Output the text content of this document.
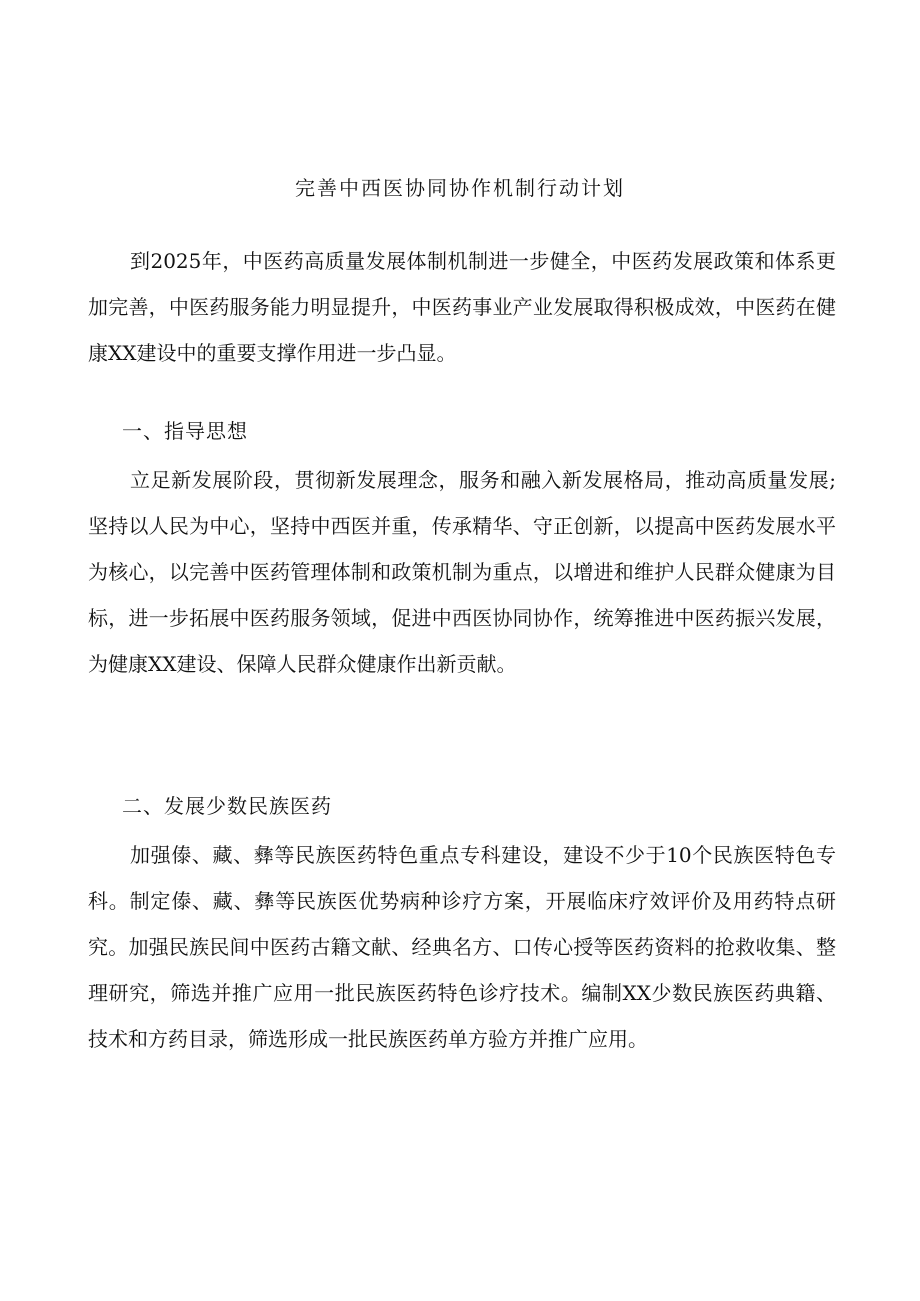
完善中西医协同协作机制行动计划

到2025年，中医药高质量发展体制机制进一步健全，中医药发展政策和体系更加完善，中医药服务能力明显提升，中医药事业产业发展取得积极成效，中医药在健康XX建设中的重要支撑作用进一步凸显。

一、指导思想

立足新发展阶段，贯彻新发展理念，服务和融入新发展格局，推动高质量发展;坚持以人民为中心，坚持中西医并重，传承精华、守正创新，以提高中医药发展水平为核心，以完善中医药管理体制和政策机制为重点，以增进和维护人民群众健康为目标，进一步拓展中医药服务领域，促进中西医协同协作，统筹推进中医药振兴发展，为健康XX建设、保障人民群众健康作出新贡献。

二、发展少数民族医药

加强傣、藏、彝等民族医药特色重点专科建设，建设不少于10个民族医特色专科。制定傣、藏、彝等民族医优势病种诊疗方案，开展临床疗效评价及用药特点研究。加强民族民间中医药古籍文献、经典名方、口传心授等医药资料的抢救收集、整理研究，筛选并推广应用一批民族医药特色诊疗技术。编制XX少数民族医药典籍、技术和方药目录，筛选形成一批民族医药单方验方并推广应用。
